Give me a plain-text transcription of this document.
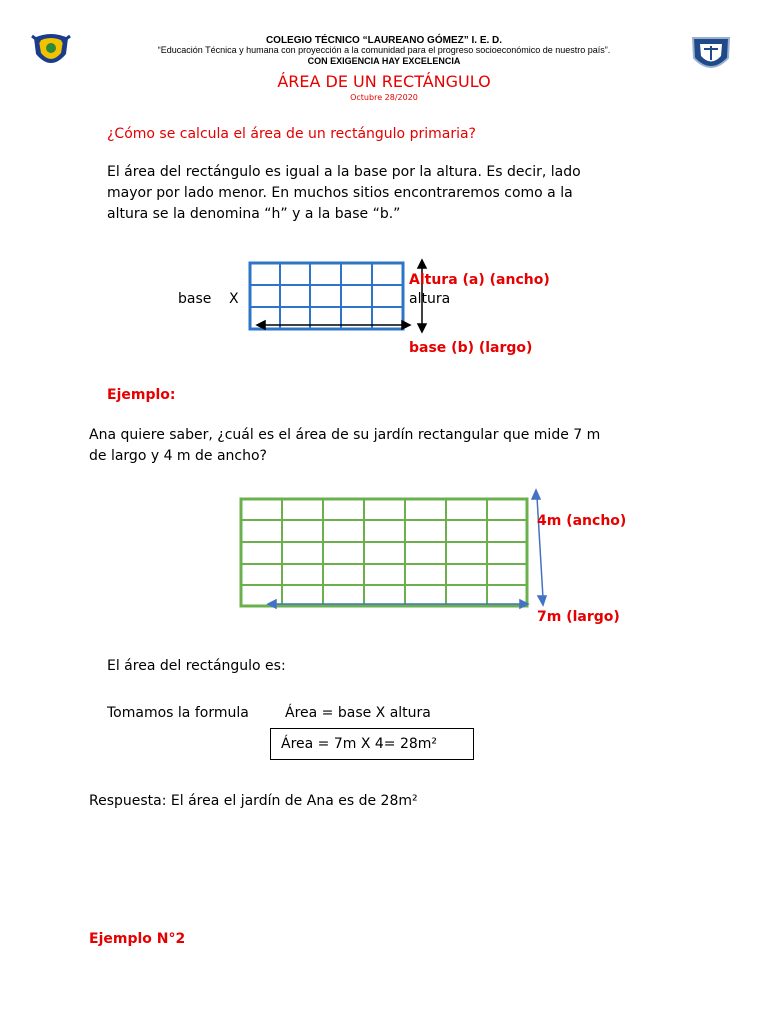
COLEGIO TÉCNICO “LAUREANO GÓMEZ” I. E. D.
“Educación Técnica y humana con proyección a la comunidad para el progreso socioeconómico de nuestro país”.
CON EXIGENCIA HAY EXCELENCIA
ÁREA DE UN RECTÁNGULO
Octubre 28/2020
¿Cómo se calcula el área de un rectángulo primaria?
El área del rectángulo es igual a la base por la altura. Es decir, lado
mayor por lado menor. En muchos sitios encontraremos como a la
altura se la denomina “h” y a la base “b.”
base X
Altura (a) (ancho)
altura
base (b) (largo)
Ejemplo:
Ana quiere saber, ¿cuál es el área de su jardín rectangular que mide 7 m
de largo y 4 m de ancho?
4m (ancho)
7m (largo)
El área del rectángulo es:
Tomamos la formula	Área = base X altura
Área = 7m X 4= 28m²
Respuesta: El área el jardín de Ana es de 28m²
Ejemplo N°2
